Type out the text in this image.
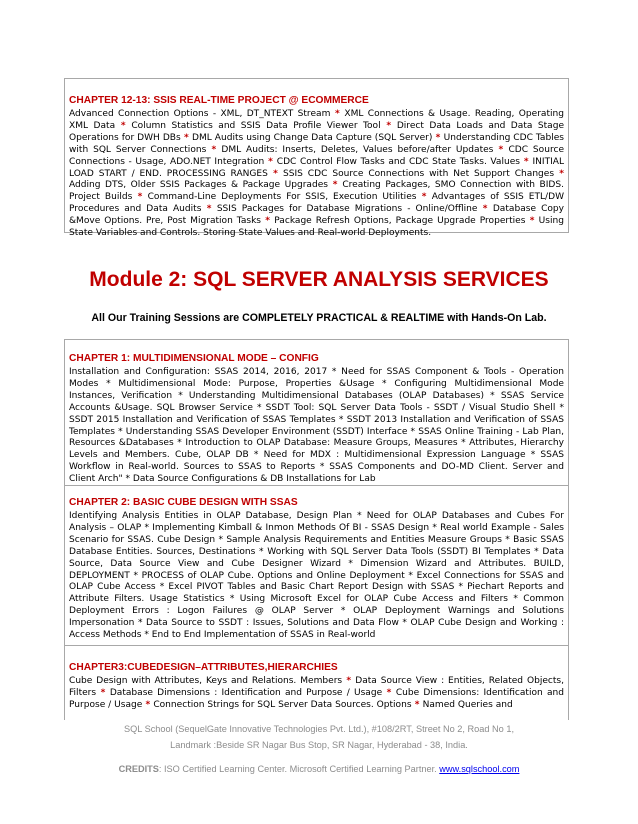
CHAPTER 12-13: SSIS REAL-TIME PROJECT @ ECOMMERCE

Advanced Connection Options - XML, DT_NTEXT Stream * XML Connections & Usage. Reading, Operating XML Data * Column Statistics and SSIS Data Profile Viewer Tool * Direct Data Loads and Data Stage Operations for DWH DBs * DML Audits using Change Data Capture (SQL Server) * Understanding CDC Tables with SQL Server Connections * DML Audits: Inserts, Deletes, Values before/after Updates * CDC Source Connections - Usage, ADO.NET Integration * CDC Control Flow Tasks and CDC State Tasks. Values * INITIAL LOAD START / END. PROCESSING RANGES * SSIS CDC Source Connections with Net Support Changes * Adding DTS, Older SSIS Packages & Package Upgrades * Creating Packages, SMO Connection with BIDS. Project Builds * Command-Line Deployments For SSIS, Execution Utilities * Advantages of SSIS ETL/DW Procedures and Data Audits * SSIS Packages for Database Migrations - Online/Offline * Database Copy &Move Options. Pre, Post Migration Tasks * Package Refresh Options, Package Upgrade Properties * Using State Variables and Controls. Storing State Values and Real-world Deployments.

Module 2: SQL SERVER ANALYSIS SERVICES

All Our Training Sessions are COMPLETELY PRACTICAL & REALTIME with Hands-On Lab.

CHAPTER 1: MULTIDIMENSIONAL MODE – CONFIG

Installation and Configuration: SSAS 2014, 2016, 2017 * Need for SSAS Component & Tools - Operation Modes * Multidimensional Mode: Purpose, Properties &Usage * Configuring Multidimensional Mode Instances, Verification * Understanding Multidimensional Databases (OLAP Databases) * SSAS Service Accounts &Usage. SQL Browser Service * SSDT Tool: SQL Server Data Tools - SSDT / Visual Studio Shell * SSDT 2015 Installation and Verification of SSAS Templates * SSDT 2013 Installation and Verification of SSAS Templates * Understanding SSAS Developer Environment (SSDT) Interface * SSAS Online Training - Lab Plan, Resources &Databases * Introduction to OLAP Database: Measure Groups, Measures * Attributes, Hierarchy Levels and Members. Cube, OLAP DB * Need for MDX : Multidimensional Expression Language * SSAS Workflow in Real-world. Sources to SSAS to Reports * SSAS Components and DO-MD Client. Server and Client Arch" * Data Source Configurations & DB Installations for Lab

CHAPTER 2: BASIC CUBE DESIGN WITH SSAS

Identifying Analysis Entities in OLAP Database, Design Plan * Need for OLAP Databases and Cubes For Analysis – OLAP * Implementing Kimball & Inmon Methods Of BI - SSAS Design * Real world Example - Sales Scenario for SSAS. Cube Design * Sample Analysis Requirements and Entities Measure Groups * Basic SSAS Database Entities. Sources, Destinations * Working with SQL Server Data Tools (SSDT) BI Templates * Data Source, Data Source View and Cube Designer Wizard * Dimension Wizard and Attributes. BUILD, DEPLOYMENT * PROCESS of OLAP Cube. Options and Online Deployment * Excel Connections for SSAS and OLAP Cube Access * Excel PIVOT Tables and Basic Chart Report Design with SSAS * Piechart Reports and Attribute Filters. Usage Statistics * Using Microsoft Excel for OLAP Cube Access and Filters * Common Deployment Errors : Logon Failures @ OLAP Server * OLAP Deployment Warnings and Solutions Impersonation * Data Source to SSDT : Issues, Solutions and Data Flow * OLAP Cube Design and Working : Access Methods * End to End Implementation of SSAS in Real-world

CHAPTER3:CUBEDESIGN–ATTRIBUTES,HIERARCHIES

Cube Design with Attributes, Keys and Relations. Members * Data Source View : Entities, Related Objects, Filters * Database Dimensions : Identification and Purpose / Usage * Cube Dimensions: Identification and Purpose / Usage * Connection Strings for SQL Server Data Sources. Options * Named Queries and

SQL School (SequelGate Innovative Technologies Pvt. Ltd.), #108/2RT, Street No 2, Road No 1,

Landmark :Beside SR Nagar Bus Stop, SR Nagar, Hyderabad - 38, India.

CREDITS: ISO Certified Learning Center. Microsoft Certified Learning Partner. www.sqlschool.com
